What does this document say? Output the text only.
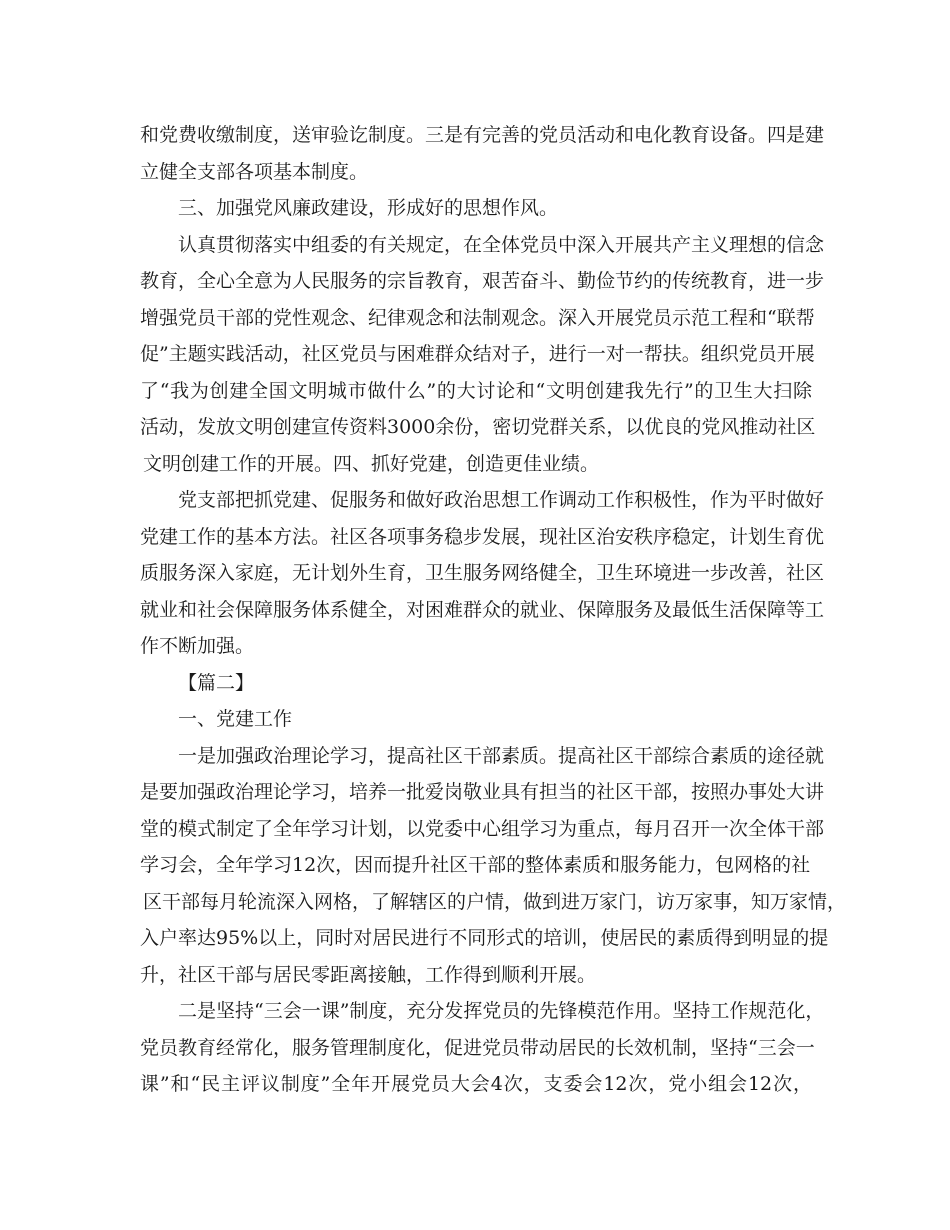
和党费收缴制度，送审验讫制度。三是有完善的党员活动和电化教育设备。四是建
立健全支部各项基本制度。
三、加强党风廉政建设，形成好的思想作风。
认真贯彻落实中组委的有关规定，在全体党员中深入开展共产主义理想的信念
教育，全心全意为人民服务的宗旨教育，艰苦奋斗、勤俭节约的传统教育，进一步
增强党员干部的党性观念、纪律观念和法制观念。深入开展党员示范工程和“联帮
促”主题实践活动，社区党员与困难群众结对子，进行一对一帮扶。组织党员开展
了“我为创建全国文明城市做什么”的大讨论和“文明创建我先行”的卫生大扫除
活动，发放文明创建宣传资料3000余份，密切党群关系，以优良的党风推动社区
文明创建工作的开展。四、抓好党建，创造更佳业绩。
党支部把抓党建、促服务和做好政治思想工作调动工作积极性，作为平时做好
党建工作的基本方法。社区各项事务稳步发展，现社区治安秩序稳定，计划生育优
质服务深入家庭，无计划外生育，卫生服务网络健全，卫生环境进一步改善，社区
就业和社会保障服务体系健全，对困难群众的就业、保障服务及最低生活保障等工
作不断加强。
【篇二】
一、党建工作
一是加强政治理论学习，提高社区干部素质。提高社区干部综合素质的途径就
是要加强政治理论学习，培养一批爱岗敬业具有担当的社区干部，按照办事处大讲
堂的模式制定了全年学习计划，以党委中心组学习为重点，每月召开一次全体干部
学习会，全年学习12次，因而提升社区干部的整体素质和服务能力，包网格的社
区干部每月轮流深入网格，了解辖区的户情，做到进万家门，访万家事，知万家情，
入户率达95%以上，同时对居民进行不同形式的培训，使居民的素质得到明显的提
升，社区干部与居民零距离接触，工作得到顺利开展。
二是坚持“三会一课”制度，充分发挥党员的先锋模范作用。坚持工作规范化，
党员教育经常化，服务管理制度化，促进党员带动居民的长效机制，坚持“三会一
课”和“民主评议制度”全年开展党员大会4次，支委会12次，党小组会12次，
